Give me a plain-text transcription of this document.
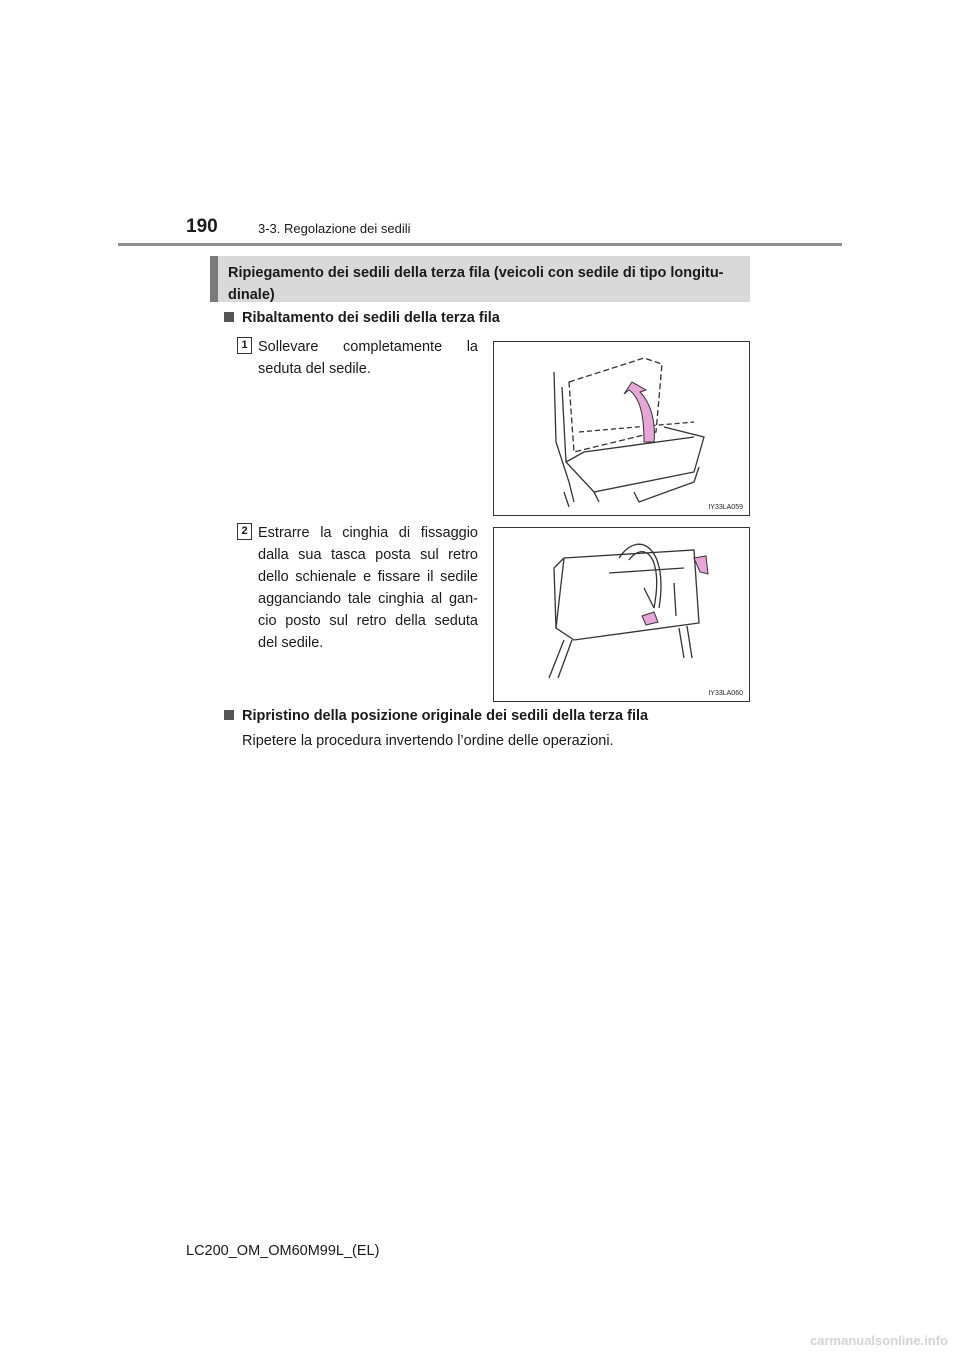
190	3-3. Regolazione dei sedili
Ripiegamento dei sedili della terza fila (veicoli con sedile di tipo longitu-dinale)
Ribaltamento dei sedili della terza fila
1 Sollevare completamente la seduta del sedile.
IY33LA059
2 Estrarre la cinghia di fissaggio dalla sua tasca posta sul retro dello schienale e fissare il sedile agganciando tale cinghia al gan-cio posto sul retro della seduta del sedile.
IY33LA060
Ripristino della posizione originale dei sedili della terza fila
Ripetere la procedura invertendo l’ordine delle operazioni.
LC200_OM_OM60M99L_(EL)
carmanualsonline.info
